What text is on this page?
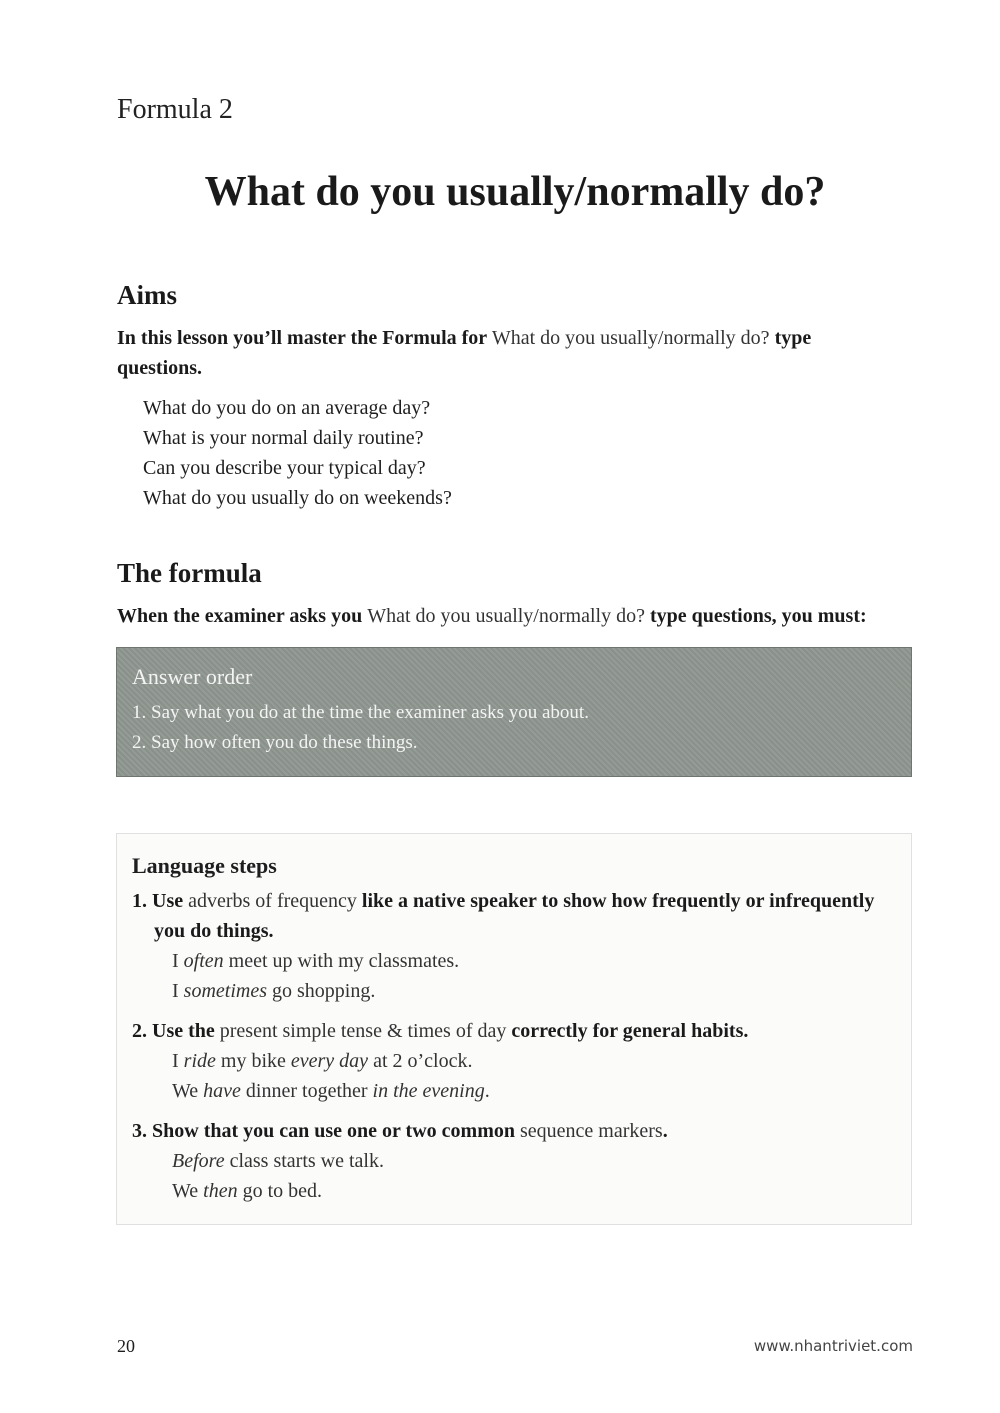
Formula 2
What do you usually/normally do?
Aims
In this lesson you’ll master the Formula for What do you usually/normally do? type questions.
What do you do on an average day?
What is your normal daily routine?
Can you describe your typical day?
What do you usually do on weekends?
The formula
When the examiner asks you What do you usually/normally do? type questions, you must:
Answer order
1. Say what you do at the time the examiner asks you about.
2. Say how often you do these things.
Language steps
1. Use adverbs of frequency like a native speaker to show how frequently or infrequently
you do things.
I often meet up with my classmates.
I sometimes go shopping.
2. Use the present simple tense & times of day correctly for general habits.
I ride my bike every day at 2 o’clock.
We have dinner together in the evening.
3. Show that you can use one or two common sequence markers.
Before class starts we talk.
We then go to bed.
20	www.nhantriviet.com
